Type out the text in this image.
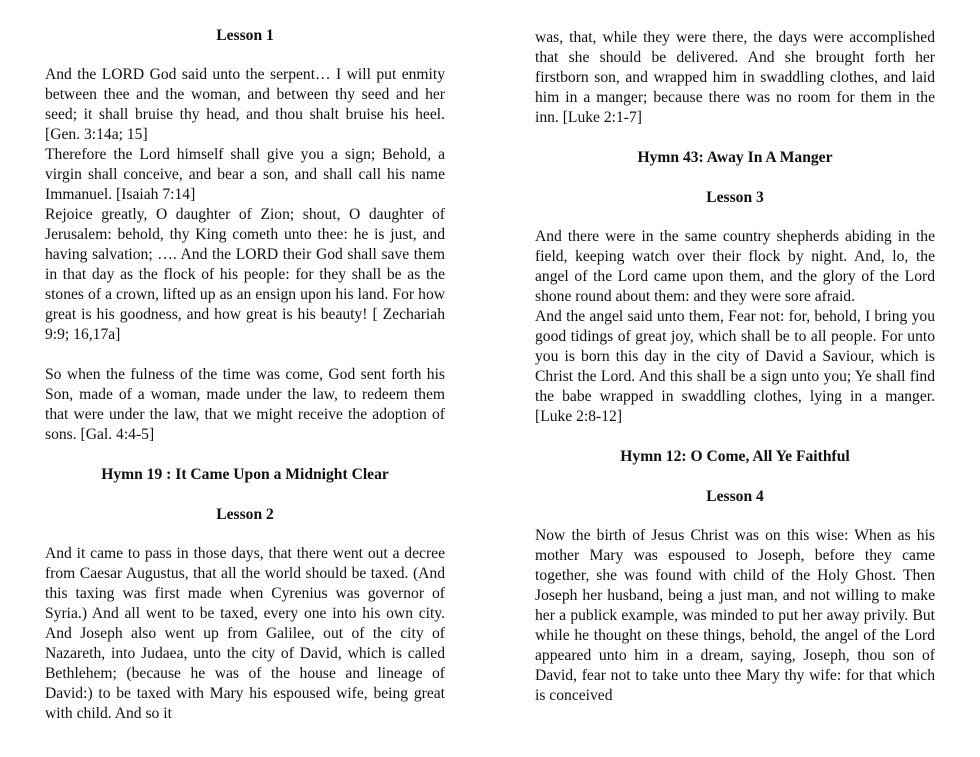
Lesson 1

And the LORD God said unto the serpent… I will put enmity between thee and the woman, and between thy seed and her seed; it shall bruise thy head, and thou shalt bruise his heel. [Gen. 3:14a; 15]

Therefore the Lord himself shall give you a sign; Behold, a virgin shall conceive, and bear a son, and shall call his name Immanuel. [Isaiah 7:14]

Rejoice greatly, O daughter of Zion; shout, O daughter of Jerusalem: behold, thy King cometh unto thee: he is just, and having salvation; …. And the LORD their God shall save them in that day as the flock of his people: for they shall be as the stones of a crown, lifted up as an ensign upon his land. For how great is his goodness, and how great is his beauty! [ Zechariah 9:9; 16,17a]

So when the fulness of the time was come, God sent forth his Son, made of a woman, made under the law, to redeem them that were under the law, that we might receive the adoption of sons. [Gal. 4:4-5]

Hymn 19 : It Came Upon a Midnight Clear

Lesson 2

And it came to pass in those days, that there went out a decree from Caesar Augustus, that all the world should be taxed. (And this taxing was first made when Cyrenius was governor of Syria.) And all went to be taxed, every one into his own city. And Joseph also went up from Galilee, out of the city of Nazareth, into Judaea, unto the city of David, which is called Bethlehem; (because he was of the house and lineage of David:) to be taxed with Mary his espoused wife, being great with child. And so it

was, that, while they were there, the days were accomplished that she should be delivered. And she brought forth her firstborn son, and wrapped him in swaddling clothes, and laid him in a manger; because there was no room for them in the inn. [Luke 2:1-7]

Hymn 43: Away In A Manger

Lesson 3

And there were in the same country shepherds abiding in the field, keeping watch over their flock by night. And, lo, the angel of the Lord came upon them, and the glory of the Lord shone round about them: and they were sore afraid.

And the angel said unto them, Fear not: for, behold, I bring you good tidings of great joy, which shall be to all people. For unto you is born this day in the city of David a Saviour, which is Christ the Lord. And this shall be a sign unto you; Ye shall find the babe wrapped in swaddling clothes, lying in a manger. [Luke 2:8-12]

Hymn 12: O Come, All Ye Faithful

Lesson 4

Now the birth of Jesus Christ was on this wise: When as his mother Mary was espoused to Joseph, before they came together, she was found with child of the Holy Ghost. Then Joseph her husband, being a just man, and not willing to make her a publick example, was minded to put her away privily. But while he thought on these things, behold, the angel of the Lord appeared unto him in a dream, saying, Joseph, thou son of David, fear not to take unto thee Mary thy wife: for that which is conceived
